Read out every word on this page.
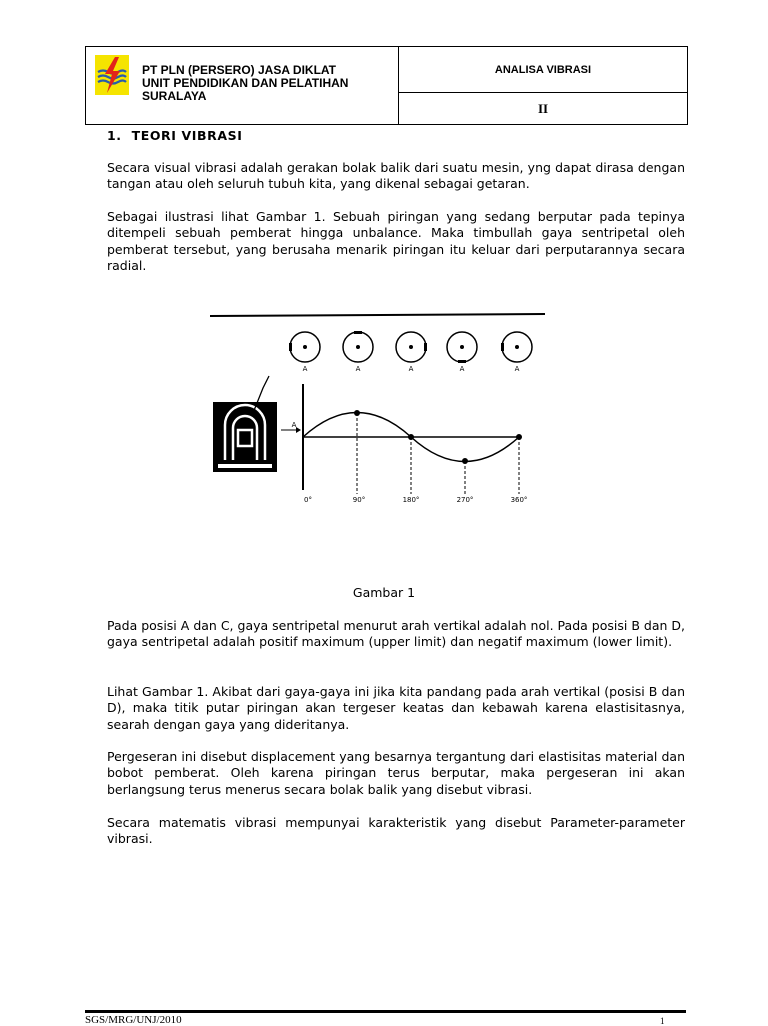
PT PLN (PERSERO) JASA DIKLAT
UNIT PENDIDIKAN DAN PELATIHAN
SURALAYA
ANALISA VIBRASI
II

1. TEORI VIBRASI

Secara visual vibrasi adalah gerakan bolak balik dari suatu mesin, yng dapat dirasa dengan tangan atau oleh seluruh tubuh kita, yang dikenal sebagai getaran.

Sebagai ilustrasi lihat Gambar 1. Sebuah piringan yang sedang berputar pada tepinya ditempeli sebuah pemberat hingga unbalance. Maka timbullah gaya sentripetal oleh pemberat tersebut, yang berusaha menarik piringan itu keluar dari perputarannya secara radial.

A	A	A	A	A
A
0°	90°	180°	270°	360°

Gambar 1

Pada posisi A dan C, gaya sentripetal menurut arah vertikal adalah nol. Pada posisi B dan D, gaya sentripetal adalah positif maximum (upper limit) dan negatif maximum (lower limit).

Lihat Gambar 1. Akibat dari gaya-gaya ini jika kita pandang pada arah vertikal (posisi B dan D), maka titik putar piringan akan tergeser keatas dan kebawah karena elastisitasnya, searah dengan gaya yang dideritanya.

Pergeseran ini disebut displacement yang besarnya tergantung dari elastisitas material dan bobot pemberat. Oleh karena piringan terus berputar, maka pergeseran ini akan berlangsung terus menerus secara bolak balik yang disebut vibrasi.

Secara matematis vibrasi mempunyai karakteristik yang disebut Parameter-parameter vibrasi.

SGS/MRG/UNJ/2010	1
